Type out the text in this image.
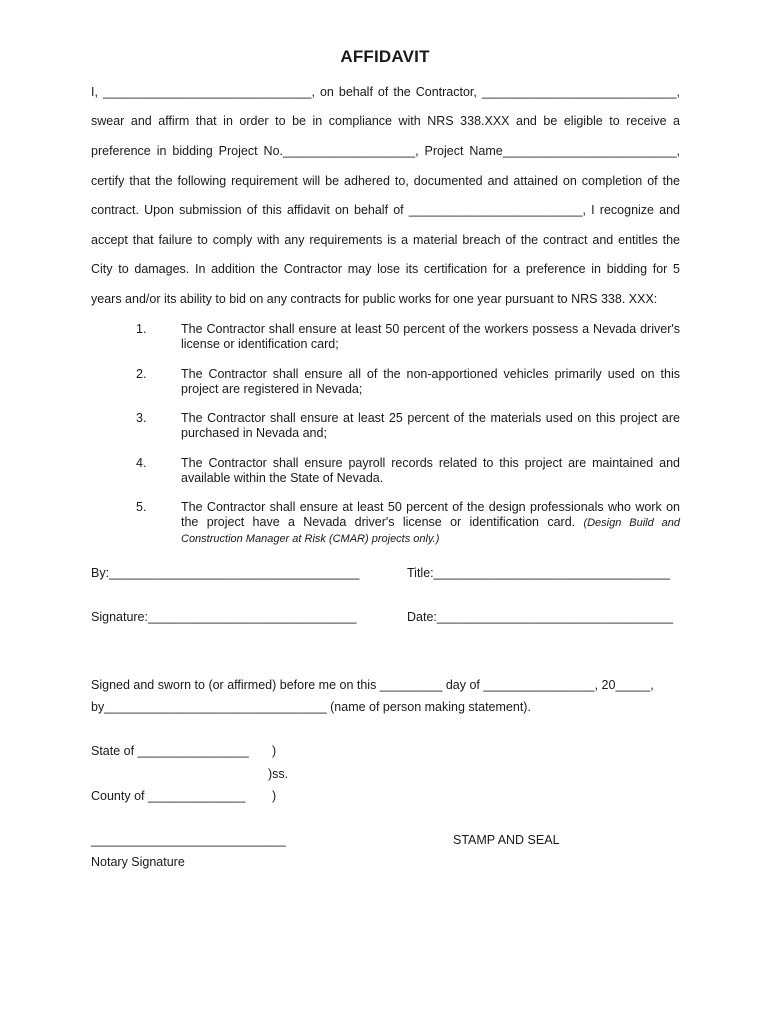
AFFIDAVIT
I, ______________________________, on behalf of the Contractor, ____________________________,
swear and affirm that in order to be in compliance with NRS 338.XXX and be eligible to receive a
preference in bidding Project No.___________________, Project Name_________________________,
certify that the following requirement will be adhered to, documented and attained on completion of the
contract. Upon submission of this affidavit on behalf of _________________________, I recognize and
accept that failure to comply with any requirements is a material breach of the contract and entitles the
City to damages. In addition the Contractor may lose its certification for a preference in bidding for 5
years and/or its ability to bid on any contracts for public works for one year pursuant to NRS 338. XXX:
1.	The Contractor shall ensure at least 50 percent of the workers possess a Nevada driver's license or identification card;
2.	The Contractor shall ensure all of the non-apportioned vehicles primarily used on this project are registered in Nevada;
3.	The Contractor shall ensure at least 25 percent of the materials used on this project are purchased in Nevada and;
4.	The Contractor shall ensure payroll records related to this project are maintained and available within the State of Nevada.
5.	The Contractor shall ensure at least 50 percent of the design professionals who work on the project have a Nevada driver's license or identification card. (Design Build and Construction Manager at Risk (CMAR) projects only.)
By:____________________________________	Title:__________________________________
Signature:______________________________	Date:__________________________________
Signed and sworn to (or affirmed) before me on this _________ day of ________________, 20_____,
by________________________________ (name of person making statement).
State of ________________ )
)ss.
County of ______________ )
____________________________	STAMP AND SEAL
Notary Signature
